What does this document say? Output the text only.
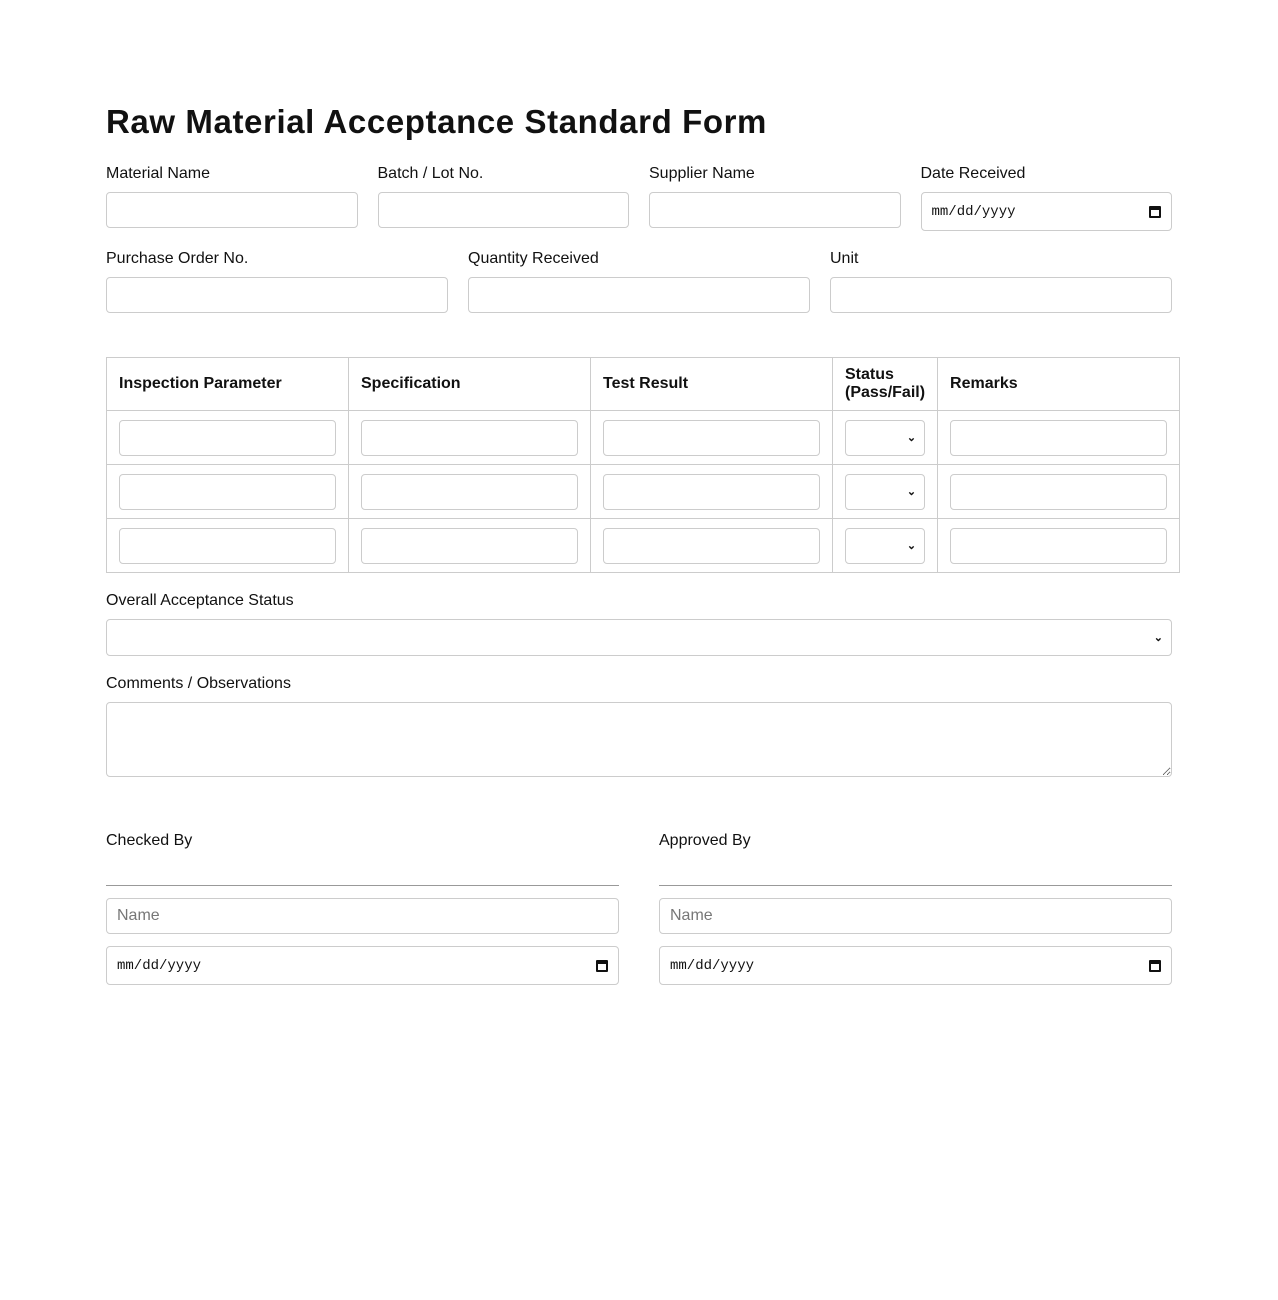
Raw Material Acceptance Standard Form
Material Name	Batch / Lot No.	Supplier Name	Date Received
mm/dd/yyyy
Purchase Order No.	Quantity Received	Unit
Inspection Parameter	Specification	Test Result	Status (Pass/Fail)	Remarks

			⌄	

			⌄	

			⌄	

Overall Acceptance Status
⌄
Comments / Observations
Checked By
Name
mm/dd/yyyy
Approved By
Name
mm/dd/yyyy
